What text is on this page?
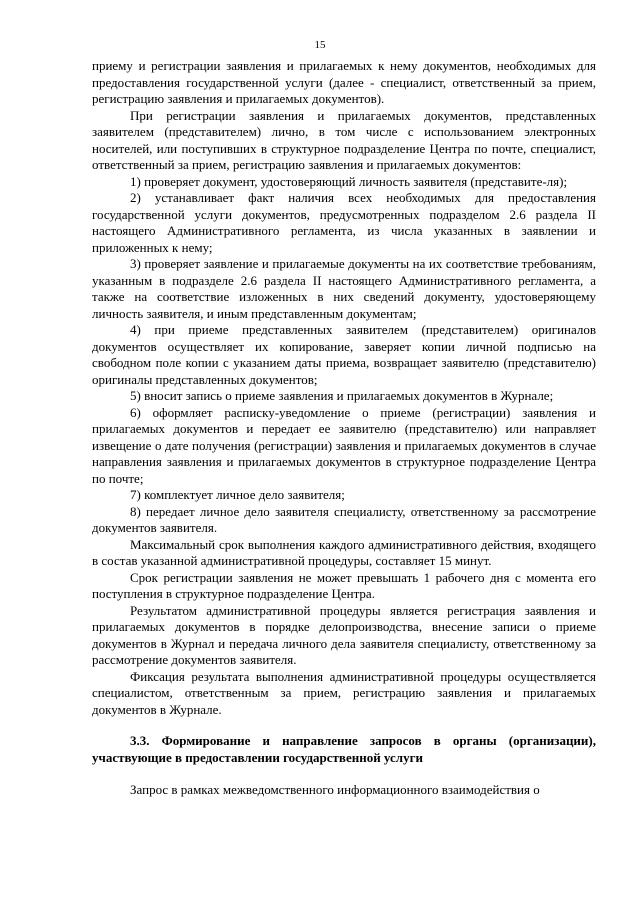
15

приему и регистрации заявления и прилагаемых к нему документов, необходимых для предоставления государственной услуги (далее - специалист, ответственный за прием, регистрацию заявления и прилагаемых документов).

При регистрации заявления и прилагаемых документов, представленных заявителем (представителем) лично, в том числе с использованием электронных носителей, или поступивших в структурное подразделение Центра по почте, специалист, ответственный за прием, регистрацию заявления и прилагаемых документов:

1) проверяет документ, удостоверяющий личность заявителя (представите-ля);

2) устанавливает факт наличия всех необходимых для предоставления государственной услуги документов, предусмотренных подразделом 2.6 раздела II настоящего Административного регламента, из числа указанных в заявлении и приложенных к нему;

3) проверяет заявление и прилагаемые документы на их соответствие требованиям, указанным в подразделе 2.6 раздела II настоящего Административного регламента, а также на соответствие изложенных в них сведений документу, удостоверяющему личность заявителя, и иным представленным документам;

4) при приеме представленных заявителем (представителем) оригиналов документов осуществляет их копирование, заверяет копии личной подписью на свободном поле копии с указанием даты приема, возвращает заявителю (представителю) оригиналы представленных документов;

5) вносит запись о приеме заявления и прилагаемых документов в Журнале;

6) оформляет расписку-уведомление о приеме (регистрации) заявления и прилагаемых документов и передает ее заявителю (представителю) или направляет извещение о дате получения (регистрации) заявления и прилагаемых документов в случае направления заявления и прилагаемых документов в структурное подразделение Центра по почте;

7) комплектует личное дело заявителя;

8) передает личное дело заявителя специалисту, ответственному за рассмотрение документов заявителя.

Максимальный срок выполнения каждого административного действия, входящего в состав указанной административной процедуры, составляет 15 минут.

Срок регистрации заявления не может превышать 1 рабочего дня с момента его поступления в структурное подразделение Центра.

Результатом административной процедуры является регистрация заявления и прилагаемых документов в порядке делопроизводства, внесение записи о приеме документов в Журнал и передача личного дела заявителя специалисту, ответственному за рассмотрение документов заявителя.

Фиксация результата выполнения административной процедуры осуществляется специалистом, ответственным за прием, регистрацию заявления и прилагаемых документов в Журнале.

3.3. Формирование и направление запросов в органы (организации), участвующие в предоставлении государственной услуги

Запрос в рамках межведомственного информационного взаимодействия о
